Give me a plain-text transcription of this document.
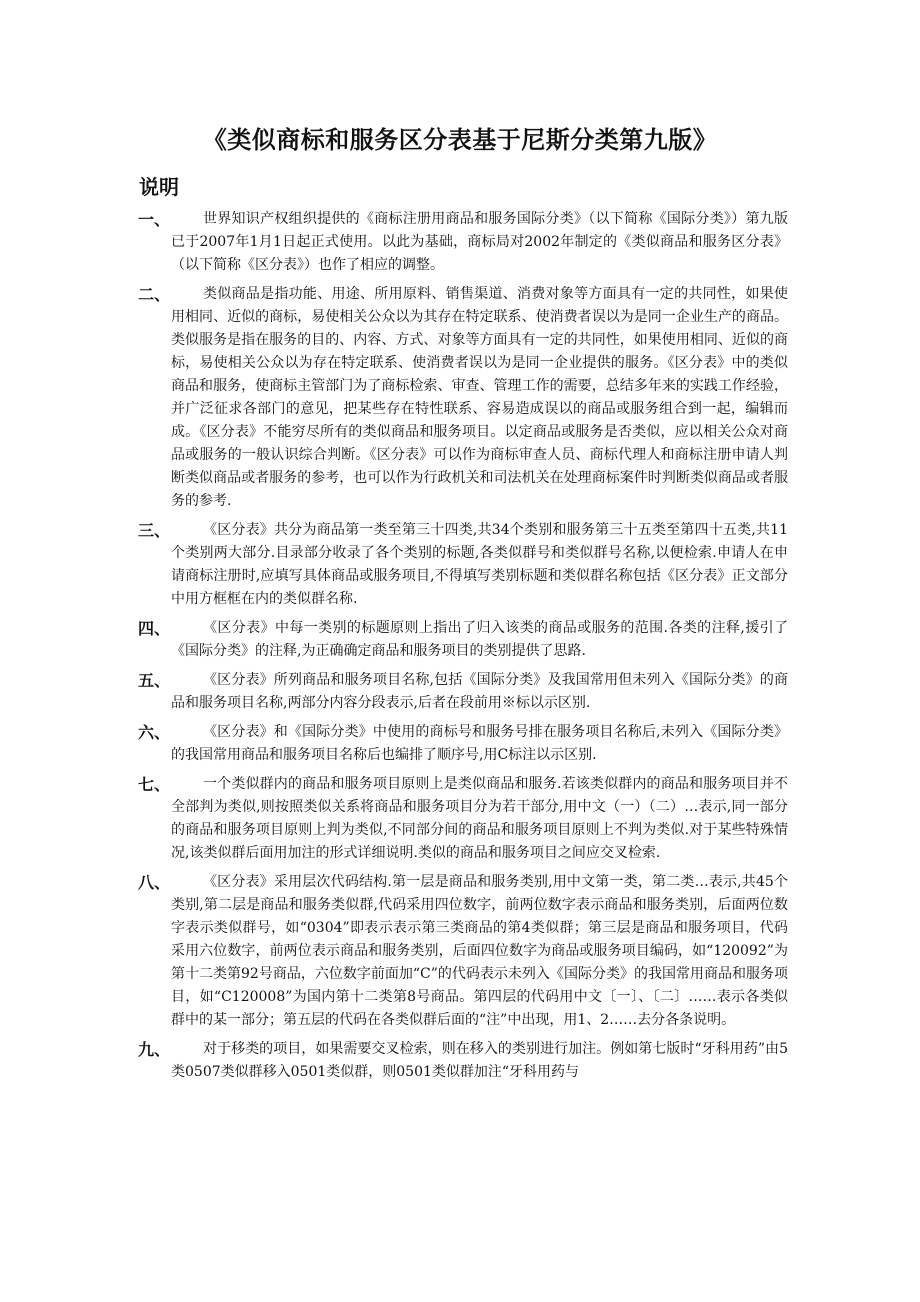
《类似商标和服务区分表基于尼斯分类第九版》
说明
一、	世界知识产权组织提供的《商标注册用商品和服务国际分类》（以下简称《国际分类》）第九版已于2007年1月1日起正式使用。以此为基础，商标局对2002年制定的《类似商品和服务区分表》（以下简称《区分表》）也作了相应的调整。
二、	类似商品是指功能、用途、所用原料、销售渠道、消费对象等方面具有一定的共同性，如果使用相同、近似的商标，易使相关公众以为其存在特定联系、使消费者误以为是同一企业生产的商品。类似服务是指在服务的目的、内容、方式、对象等方面具有一定的共同性，如果使用相同、近似的商标，易使相关公众以为存在特定联系、使消费者误以为是同一企业提供的服务。《区分表》中的类似商品和服务，使商标主管部门为了商标检索、审查、管理工作的需要，总结多年来的实践工作经验，并广泛征求各部门的意见，把某些存在特性联系、容易造成误以的商品或服务组合到一起，编辑而成。《区分表》不能穷尽所有的类似商品和服务项目。以定商品或服务是否类似，应以相关公众对商品或服务的一般认识综合判断。《区分表》可以作为商标审查人员、商标代理人和商标注册申请人判断类似商品或者服务的参考，也可以作为行政机关和司法机关在处理商标案件时判断类似商品或者服务的参考.
三、	《区分表》共分为商品第一类至第三十四类,共34个类别和服务第三十五类至第四十五类,共11个类别两大部分.目录部分收录了各个类别的标题,各类似群号和类似群号名称,以便检索.申请人在申请商标注册时,应填写具体商品或服务项目,不得填写类别标题和类似群名称包括《区分表》正文部分中用方框框在内的类似群名称.
四、	《区分表》中每一类别的标题原则上指出了归入该类的商品或服务的范围.各类的注释,援引了《国际分类》的注释,为正确确定商品和服务项目的类别提供了思路.
五、	《区分表》所列商品和服务项目名称,包括《国际分类》及我国常用但未列入《国际分类》的商品和服务项目名称,两部分内容分段表示,后者在段前用※标以示区别.
六、	《区分表》和《国际分类》中使用的商标号和服务号排在服务项目名称后,未列入《国际分类》的我国常用商品和服务项目名称后也编排了顺序号,用C标注以示区别.
七、	一个类似群内的商品和服务项目原则上是类似商品和服务.若该类似群内的商品和服务项目并不全部判为类似,则按照类似关系将商品和服务项目分为若干部分,用中文（一）（二）…表示,同一部分的商品和服务项目原则上判为类似,不同部分间的商品和服务项目原则上不判为类似.对于某些特殊情况,该类似群后面用加注的形式详细说明.类似的商品和服务项目之间应交叉检索.
八、	《区分表》采用层次代码结构.第一层是商品和服务类别,用中文第一类，第二类…表示,共45个类别,第二层是商品和服务类似群,代码采用四位数字，前两位数字表示商品和服务类别，后面两位数字表示类似群号，如“0304”即表示表示第三类商品的第4类似群；第三层是商品和服务项目，代码采用六位数字，前两位表示商品和服务类别，后面四位数字为商品或服务项目编码，如“120092”为第十二类第92号商品，六位数字前面加“C”的代码表示未列入《国际分类》的我国常用商品和服务项目，如“C120008”为国内第十二类第8号商品。第四层的代码用中文〔一〕、〔二〕……表示各类似群中的某一部分；第五层的代码在各类似群后面的“注”中出现，用1、2……去分各条说明。
九、	对于移类的项目，如果需要交叉检索，则在移入的类别进行加注。例如第七版时“牙科用药”由5类0507类似群移入0501类似群，则0501类似群加注“牙科用药与
